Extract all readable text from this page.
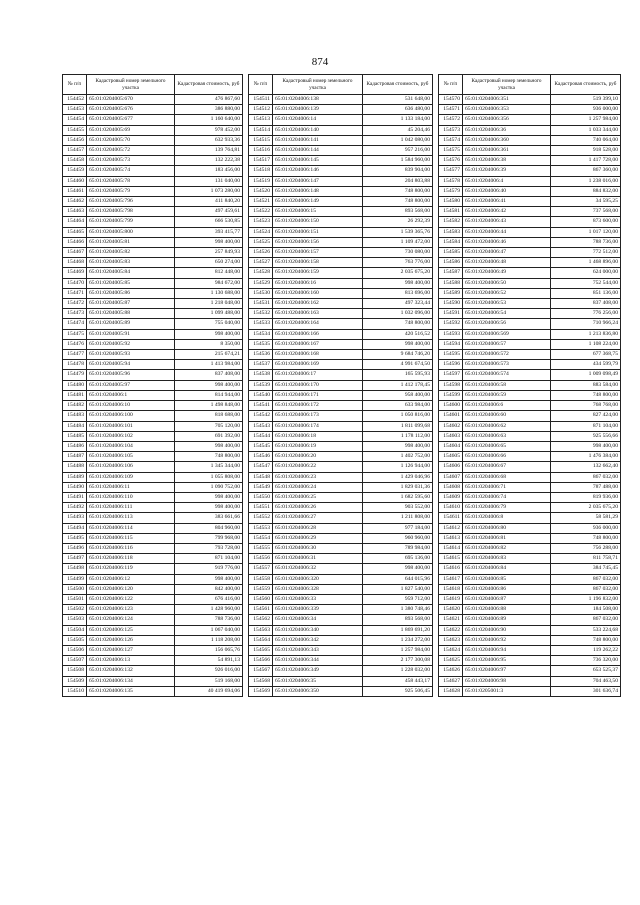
874
№ п/п	Кадастровый номер земельного участка	Кадастровая стоимость, руб
154452	65:01:0204005:670	476 867,60
154453	65:01:0204005:676	386 880,00
154454	65:01:0204005:677	1 160 640,00
154455	65:01:0204005:69	978 452,00
154456	65:01:0204005:70	632 933,36
154457	65:01:0204005:72	139 764,81
154458	65:01:0204005:73	132 222,38
154459	65:01:0204005:74	183 456,00
154460	65:01:0204005:78	131 040,00
154461	65:01:0204005:79	1 073 280,00
154462	65:01:0204005:796	411 840,20
154463	65:01:0204005:798	497 459,61
154464	65:01:0204005:799	666 530,85
154465	65:01:0204005:800	393 415,77
154466	65:01:0204005:81	998 400,00
154467	65:01:0204005:82	257 849,93
154468	65:01:0204005:83	650 274,00
154469	65:01:0204005:84	812 448,00
154470	65:01:0204005:85	984 672,00
154471	65:01:0204005:86	1 130 688,00
154472	65:01:0204005:87	1 218 048,00
154473	65:01:0204005:88	1 099 488,00
154474	65:01:0204005:89	755 040,00
154475	65:01:0204005:91	998 400,00
154476	65:01:0204005:92	8 350,00
154477	65:01:0204005:93	215 674,21
154478	65:01:0204005:94	1 413 984,00
154479	65:01:0204005:96	837 408,00
154480	65:01:0204005:97	998 400,00
154481	65:01:0204006:1	814 944,00
154482	65:01:0204006:10	1 498 848,00
154483	65:01:0204006:100	818 688,00
154484	65:01:0204006:101	705 120,00
154485	65:01:0204006:102	691 392,00
154486	65:01:0204006:104	998 400,00
154487	65:01:0204006:105	748 800,00
154488	65:01:0204006:106	1 345 344,00
154489	65:01:0204006:109	1 055 808,00
154490	65:01:0204006:11	1 090 752,00
154491	65:01:0204006:110	998 400,00
154492	65:01:0204006:111	998 400,00
154493	65:01:0204006:113	383 661,66
154494	65:01:0204006:114	804 960,00
154495	65:01:0204006:115	799 968,00
154496	65:01:0204006:116	793 728,00
154497	65:01:0204006:118	871 104,00
154498	65:01:0204006:119	919 776,00
154499	65:01:0204006:12	998 400,00
154500	65:01:0204006:120	842 400,00
154501	65:01:0204006:122	676 416,00
154502	65:01:0204006:123	1 428 960,00
154503	65:01:0204006:124	788 736,00
154504	65:01:0204006:125	1 067 040,00
154505	65:01:0204006:126	1 118 208,00
154506	65:01:0204006:127	156 065,76
154507	65:01:0204006:13	54 891,13
154508	65:01:0204006:132	926 016,00
154509	65:01:0204006:134	519 168,00
154510	65:01:0204006:135	40 419 694,06
№ п/п	Кадастровый номер земельного участка	Кадастровая стоимость, руб
154511	65:01:0204006:138	531 648,00
154512	65:01:0204006:139	636 480,00
154513	65:01:0204006:14	1 133 184,00
154514	65:01:0204006:140	45 204,46
154515	65:01:0204006:141	1 042 080,00
154516	65:01:0204006:144	957 216,00
154517	65:01:0204006:145	1 584 960,00
154518	65:01:0204006:146	839 904,00
154519	65:01:0204006:147	204 803,88
154520	65:01:0204006:148	748 800,00
154521	65:01:0204006:149	748 800,00
154522	65:01:0204006:15	893 568,00
154523	65:01:0204006:150	26 292,39
154524	65:01:0204006:151	1 539 365,76
154525	65:01:0204006:156	1 109 472,00
154526	65:01:0204006:157	730 080,00
154527	65:01:0204006:158	763 776,00
154528	65:01:0204006:159	2 035 675,20
154529	65:01:0204006:16	998 400,00
154530	65:01:0204006:160	813 696,00
154531	65:01:0204006:162	497 323,44
154532	65:01:0204006:163	1 032 096,00
154533	65:01:0204006:164	748 800,00
154534	65:01:0204006:166	420 516,52
154535	65:01:0204006:167	998 400,00
154536	65:01:0204006:168	9 684 746,20
154537	65:01:0204006:169	4 991 674,50
154538	65:01:0204006:17	165 595,93
154539	65:01:0204006:170	1 412 178,45
154540	65:01:0204006:171	958 400,00
154541	65:01:0204006:172	633 984,00
154542	65:01:0204006:173	1 050 816,00
154543	65:01:0204006:174	1 811 099,68
154544	65:01:0204006:18	1 178 112,00
154545	65:01:0204006:19	998 400,00
154546	65:01:0204006:20	1 402 752,00
154547	65:01:0204006:22	1 126 944,00
154548	65:01:0204006:23	1 429 046,96
154549	65:01:0204006:24	1 829 031,36
154550	65:01:0204006:25	1 682 595,60
154551	65:01:0204006:26	903 552,00
154552	65:01:0204006:27	1 211 808,00
154553	65:01:0204006:28	977 184,00
154554	65:01:0204006:29	960 960,00
154555	65:01:0204006:30	789 984,00
154556	65:01:0204006:31	695 136,00
154557	65:01:0204006:32	998 400,00
154558	65:01:0204006:320	644 015,96
154559	65:01:0204006:328	1 827 540,00
154560	65:01:0204006:33	959 712,00
154561	65:01:0204006:339	1 380 748,46
154562	65:01:0204006:34	893 568,00
154563	65:01:0204006:340	1 869 691,20
154564	65:01:0204006:342	1 234 272,00
154565	65:01:0204006:343	1 257 984,00
154566	65:01:0204006:344	2 177 300,08
154567	65:01:0204006:349	1 228 032,00
154568	65:01:0204006:35	458 443,17
154569	65:01:0204006:350	925 506,45
№ п/п	Кадастровый номер земельного участка	Кадастровая стоимость, руб
154570	65:01:0204006:351	519 399,10
154571	65:01:0204006:353	936 000,00
154572	65:01:0204006:356	1 257 984,00
154573	65:01:0204006:36	1 033 344,00
154574	65:01:0204006:360	740 064,00
154575	65:01:0204006:361	918 528,00
154576	65:01:0204006:38	1 417 728,00
154577	65:01:0204006:39	867 360,00
154578	65:01:0204006:4	1 238 016,00
154579	65:01:0204006:40	884 832,00
154580	65:01:0204006:41	34 595,25
154581	65:01:0204006:42	737 568,00
154582	65:01:0204006:43	873 600,00
154583	65:01:0204006:44	1 017 120,00
154584	65:01:0204006:46	788 736,00
154585	65:01:0204006:47	772 512,00
154586	65:01:0204006:48	1 468 896,00
154587	65:01:0204006:49	624 000,00
154588	65:01:0204006:50	752 544,00
154589	65:01:0204006:52	851 136,00
154590	65:01:0204006:53	837 408,00
154591	65:01:0204006:54	776 256,00
154592	65:01:0204006:56	710 966,24
154593	65:01:0204006:569	1 213 836,80
154594	65:01:0204006:57	1 108 224,00
154595	65:01:0204006:572	677 368,75
154596	65:01:0204006:573	434 599,79
154597	65:01:0204006:574	1 009 098,49
154598	65:01:0204006:58	883 584,00
154599	65:01:0204006:59	748 800,00
154600	65:01:0204006:6	768 768,00
154601	65:01:0204006:60	827 424,00
154602	65:01:0204006:62	871 104,00
154603	65:01:0204006:63	925 556,66
154604	65:01:0204006:65	998 400,00
154605	65:01:0204006:66	1 476 384,00
154606	65:01:0204006:67	132 662,40
154607	65:01:0204006:68	867 032,00
154608	65:01:0204006:71	787 488,00
154609	65:01:0204006:74	819 936,00
154610	65:01:0204006:79	2 035 675,20
154611	65:01:0204006:8	58 581,29
154612	65:01:0204006:80	936 000,00
154613	65:01:0204006:81	748 800,00
154614	65:01:0204006:82	756 288,00
154615	65:01:0204006:83	811 758,71
154616	65:01:0204006:84	384 745,45
154617	65:01:0204006:85	867 032,00
154618	65:01:0204006:86	867 032,00
154619	65:01:0204006:87	1 196 832,00
154620	65:01:0204006:88	184 508,00
154621	65:01:0204006:89	867 032,00
154622	65:01:0204006:90	533 224,68
154623	65:01:0204006:92	748 800,00
154624	65:01:0204006:94	119 262,22
154625	65:01:0204006:95	736 320,00
154626	65:01:0204006:97	653 525,37
154627	65:01:0204006:98	704 463,50
154628	65:01:0205001:3	301 636,74
